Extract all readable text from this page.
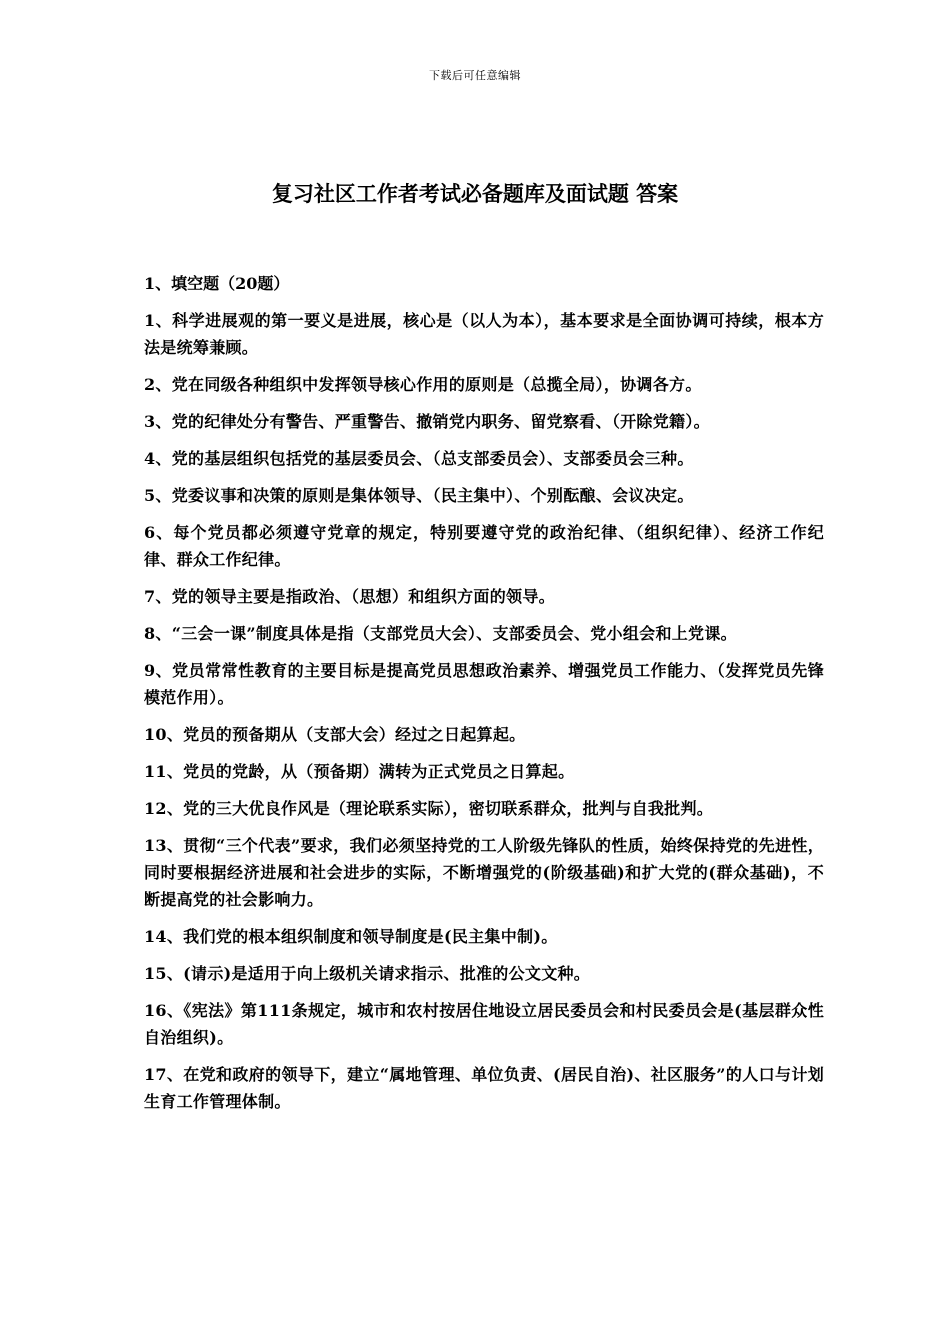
下载后可任意编辑
复习社区工作者考试必备题库及面试题 答案

1、填空题（20题）

1、科学进展观的第一要义是进展，核心是（以人为本），基本要求是全面协调可持续，根本方法是统筹兼顾。

2、党在同级各种组织中发挥领导核心作用的原则是（总揽全局），协调各方。

3、党的纪律处分有警告、严重警告、撤销党内职务、留党察看、（开除党籍）。

4、党的基层组织包括党的基层委员会、（总支部委员会）、支部委员会三种。

5、党委议事和决策的原则是集体领导、（民主集中）、个别酝酿、会议决定。

6、每个党员都必须遵守党章的规定，特别要遵守党的政治纪律、（组织纪律）、经济工作纪律、群众工作纪律。

7、党的领导主要是指政治、（思想）和组织方面的领导。

8、“三会一课”制度具体是指（支部党员大会）、支部委员会、党小组会和上党课。

9、党员常常性教育的主要目标是提高党员思想政治素养、增强党员工作能力、（发挥党员先锋模范作用）。

10、党员的预备期从（支部大会）经过之日起算起。

11、党员的党龄，从（预备期）满转为正式党员之日算起。

12、党的三大优良作风是（理论联系实际），密切联系群众，批判与自我批判。

13、贯彻“三个代表”要求，我们必须坚持党的工人阶级先锋队的性质，始终保持党的先进性，同时要根据经济进展和社会进步的实际，不断增强党的(阶级基础)和扩大党的(群众基础)，不断提高党的社会影响力。

14、我们党的根本组织制度和领导制度是(民主集中制)。

15、(请示)是适用于向上级机关请求指示、批准的公文文种。

16、《宪法》第111条规定，城市和农村按居住地设立居民委员会和村民委员会是(基层群众性自治组织)。

17、在党和政府的领导下，建立“属地管理、单位负责、(居民自治)、社区服务”的人口与计划生育工作管理体制。
